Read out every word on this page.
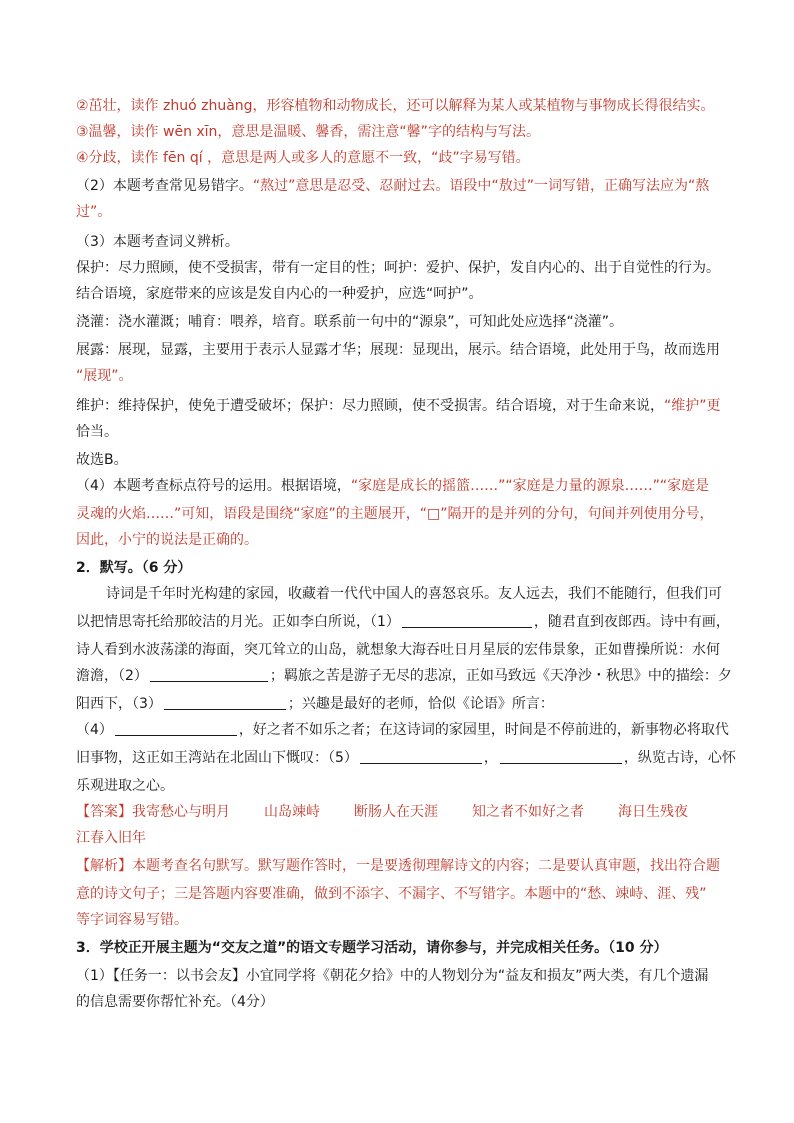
②茁壮，读作 zhuó zhuàng，形容植物和动物成长，还可以解释为某人或某植物与事物成长得很结实。
③温馨，读作 wēn xīn，意思是温暖、馨香，需注意“馨”字的结构与写法。
④分歧，读作 fēn qí ，意思是两人或多人的意愿不一致，“歧”字易写错。
（2）本题考查常见易错字。“熬过”意思是忍受、忍耐过去。语段中“敖过”一词写错，正确写法应为“熬
过”。
（3）本题考查词义辨析。
保护：尽力照顾，使不受损害，带有一定目的性；呵护：爱护、保护，发自内心的、出于自觉性的行为。
结合语境，家庭带来的应该是发自内心的一种爱护，应选“呵护”。
浇灌：浇水灌溉；哺育：喂养，培育。联系前一句中的“源泉”，可知此处应选择“浇灌”。
展露：展现，显露，主要用于表示人显露才华；展现：显现出，展示。结合语境，此处用于鸟，故而选用
“展现”。
维护：维持保护，使免于遭受破坏；保护：尽力照顾，使不受损害。结合语境，对于生命来说，“维护”更
恰当。
故选B。
（4）本题考查标点符号的运用。根据语境，“家庭是成长的摇篮……”“家庭是力量的源泉……”“家庭是
灵魂的火焰……”可知，语段是围绕“家庭”的主题展开，“□”隔开的是并列的分句，句间并列使用分号，
因此，小宁的说法是正确的。
2．默写。（6 分）
诗词是千年时光构建的家园，收藏着一代代中国人的喜怒哀乐。友人远去，我们不能随行，但我们可
以把情思寄托给那皎洁的月光。正如李白所说，（1）	，随君直到夜郎西。诗中有画，
诗人看到水波荡漾的海面，突兀耸立的山岛，就想象大海吞吐日月星辰的宏伟景象，正如曹操所说：水何
澹澹，（2）	；羁旅之苦是游子无尽的悲凉，正如马致远《天净沙・秋思》中的描绘：夕
阳西下，（3）	；兴趣是最好的老师，恰似《论语》所言：
（4）	，好之者不如乐之者；在这诗词的家园里，时间是不停前进的，新事物必将取代
旧事物，这正如王湾站在北固山下慨叹：（5）	，	，纵览古诗，心怀
乐观进取之心。
【答案】我寄愁心与明月 山岛竦峙 断肠人在天涯 知之者不如好之者 海日生残夜
江春入旧年
【解析】本题考查名句默写。默写题作答时，一是要透彻理解诗文的内容；二是要认真审题，找出符合题
意的诗文句子；三是答题内容要准确，做到不添字、不漏字、不写错字。本题中的“愁、竦峙、涯、残”
等字词容易写错。
3．学校正开展主题为“交友之道”的语文专题学习活动，请你参与，并完成相关任务。（10 分）
（1）【任务一：以书会友】小宜同学将《朝花夕拾》中的人物划分为“益友和损友”两大类，有几个遗漏
的信息需要你帮忙补充。（4分）
